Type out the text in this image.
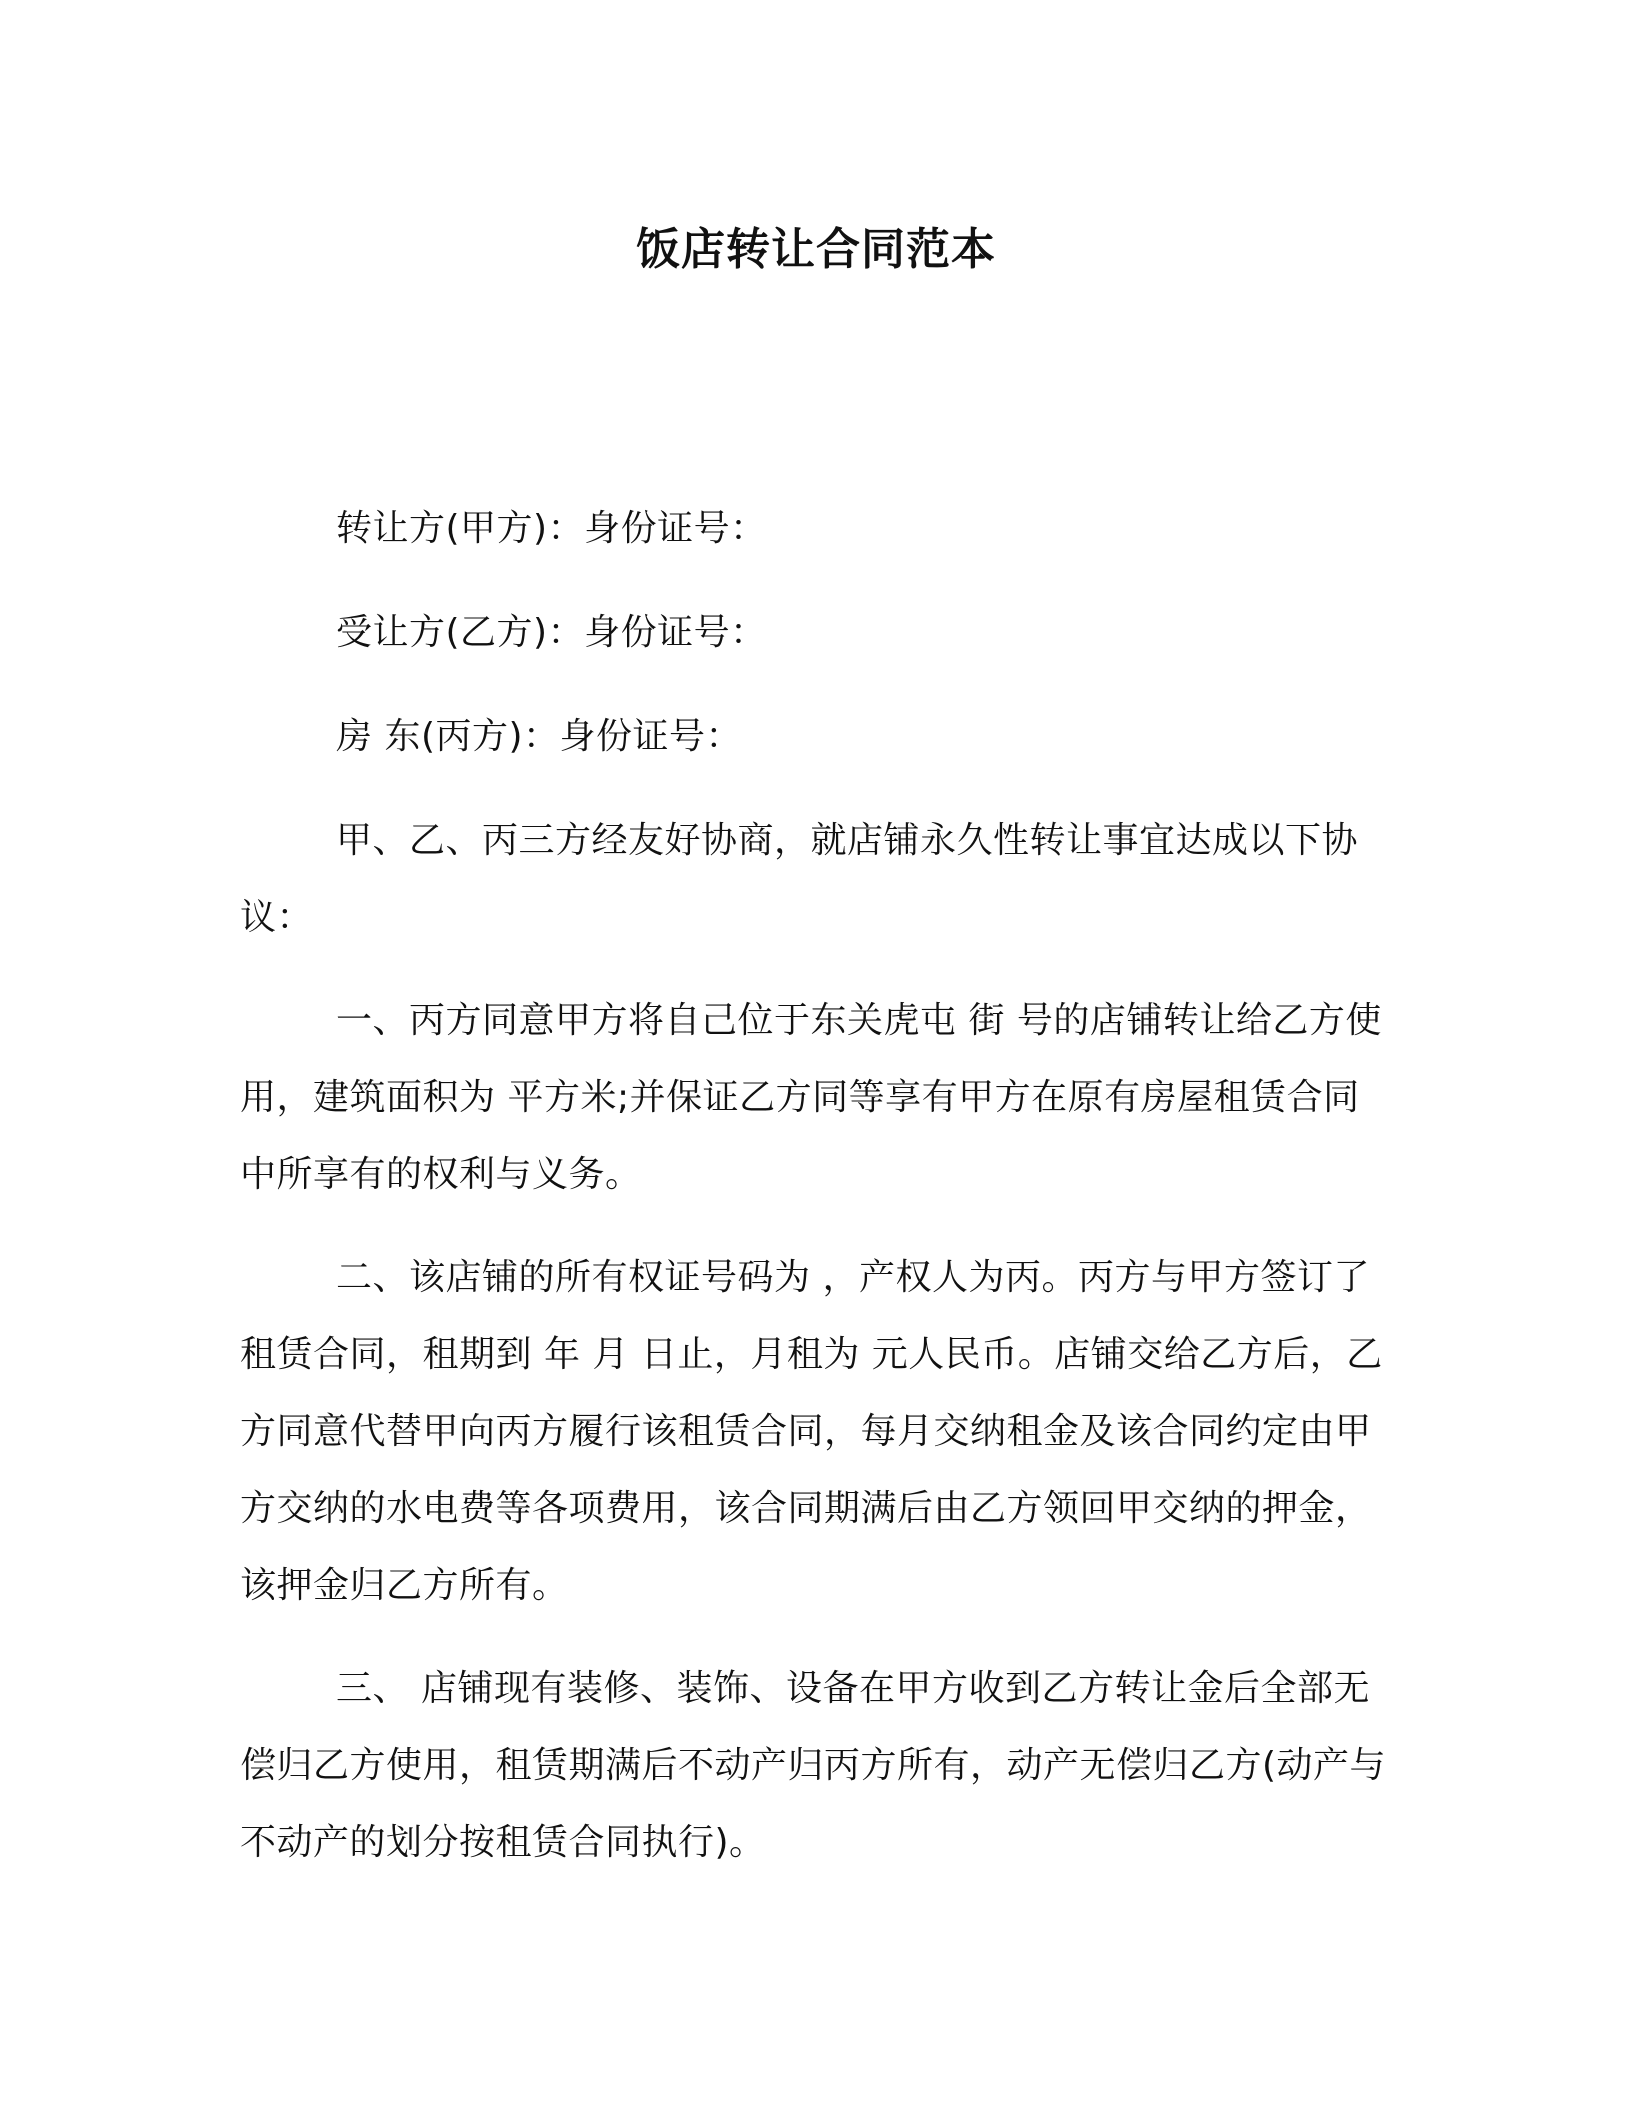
饭店转让合同范本

转让方(甲方)：身份证号：

受让方(乙方)：身份证号：

房 东(丙方)：身份证号：

甲、乙、丙三方经友好协商，就店铺永久性转让事宜达成以下协议：

一、丙方同意甲方将自己位于东关虎屯 街 号的店铺转让给乙方使用，建筑面积为 平方米;并保证乙方同等享有甲方在原有房屋租赁合同中所享有的权利与义务。

二、该店铺的所有权证号码为 ，产权人为丙。丙方与甲方签订了租赁合同，租期到 年 月 日止，月租为 元人民币。店铺交给乙方后，乙方同意代替甲向丙方履行该租赁合同，每月交纳租金及该合同约定由甲方交纳的水电费等各项费用，该合同期满后由乙方领回甲交纳的押金，该押金归乙方所有。

三、 店铺现有装修、装饰、设备在甲方收到乙方转让金后全部无偿归乙方使用，租赁期满后不动产归丙方所有，动产无偿归乙方(动产与不动产的划分按租赁合同执行)。
